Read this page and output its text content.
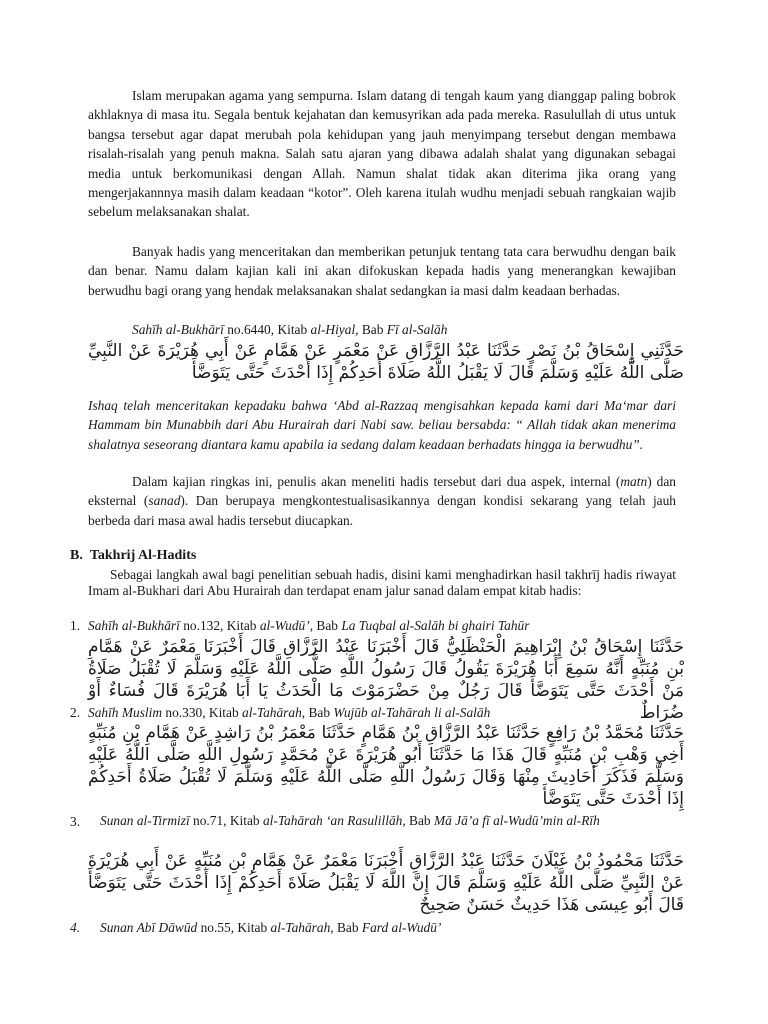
Islam merupakan agama yang sempurna. Islam datang di tengah kaum yang dianggap paling bobrok akhlaknya di masa itu. Segala bentuk kejahatan dan kemusyrikan ada pada mereka. Rasulullah di utus untuk bangsa tersebut agar dapat merubah pola kehidupan yang jauh menyimpang tersebut dengan membawa risalah-risalah yang penuh makna. Salah satu ajaran yang dibawa adalah shalat yang digunakan sebagai media untuk berkomunikasi dengan Allah. Namun shalat tidak akan diterima jika orang yang mengerjakannnya masih dalam keadaan “kotor”. Oleh karena itulah wudhu menjadi sebuah rangkaian wajib sebelum melaksanakan shalat.

Banyak hadis yang menceritakan dan memberikan petunjuk tentang tata cara berwudhu dengan baik dan benar. Namu dalam kajian kali ini akan difokuskan kepada hadis yang menerangkan kewajiban berwudhu bagi orang yang hendak melaksanakan shalat sedangkan ia masi dalm keadaan berhadas.

Sahīh al-Bukhārī no.6440, Kitab al-Hiyal, Bab Fī al-Salāh
حَدَّثَنِي إِسْحَاقُ بْنُ نَصْرٍ حَدَّثَنَا عَبْدُ الرَّزَّاقِ عَنْ مَعْمَرٍ عَنْ هَمَّامٍ عَنْ أَبِي هُرَيْرَةَ عَنْ النَّبِيِّ صَلَّى اللَّهُ عَلَيْهِ وَسَلَّمَ قَالَ لَا يَقْبَلُ اللَّهُ صَلَاةَ أَحَدِكُمْ إِذَا أَحْدَثَ حَتَّى يَتَوَضَّأَ

Ishaq telah menceritakan kepadaku bahwa ‘Abd al-Razzaq mengisahkan kepada kami dari Ma‘mar dari Hammam bin Munabbih dari Abu Hurairah dari Nabi saw. beliau bersabda: “ Allah tidak akan menerima shalatnya seseorang diantara kamu apabila ia sedang dalam keadaan berhadats hingga ia berwudhu”.

Dalam kajian ringkas ini, penulis akan meneliti hadis tersebut dari dua aspek, internal (matn) dan eksternal (sanad). Dan berupaya mengkontestualisasikannya dengan kondisi sekarang yang telah jauh berbeda dari masa awal hadis tersebut diucapkan.

B. Takhrij Al-Hadits

Sebagai langkah awal bagi penelitian sebuah hadis, disini kami menghadirkan hasil takhrīj hadis riwayat Imam al-Bukhari dari Abu Hurairah dan terdapat enam jalur sanad dalam empat kitab hadis:

1. Sahīh al-Bukhārī no.132, Kitab al-Wudū’, Bab La Tuqbal al-Salāh bi ghairi Tahūr
حَدَّثَنَا إِسْحَاقُ بْنُ إِبْرَاهِيمَ الْحَنْظَلِيُّ قَالَ أَخْبَرَنَا عَبْدُ الرَّزَّاقِ قَالَ أَخْبَرَنَا مَعْمَرٌ عَنْ هَمَّامِ بْنِ مُنَبِّهٍ أَنَّهُ سَمِعَ أَبَا هُرَيْرَةَ يَقُولُ قَالَ رَسُولُ اللَّهِ صَلَّى اللَّهُ عَلَيْهِ وَسَلَّمَ لَا تُقْبَلُ صَلَاةُ مَنْ أَحْدَثَ حَتَّى يَتَوَضَّأَ قَالَ رَجُلٌ مِنْ حَضْرَمَوْتَ مَا الْحَدَثُ يَا أَبَا هُرَيْرَةَ قَالَ فُسَاءٌ أَوْ ضُرَاطٌ
2. Sahīh Muslim no.330, Kitab al-Tahārah, Bab Wujūb al-Tahārah li al-Salāh
حَدَّثَنَا مُحَمَّدُ بْنُ رَافِعٍ حَدَّثَنَا عَبْدُ الرَّزَّاقِ بْنُ هَمَّامٍ حَدَّثَنَا مَعْمَرُ بْنُ رَاشِدٍ عَنْ هَمَّامِ بْنِ مُنَبِّهٍ أَخِي وَهْبِ بْنِ مُنَبِّهٍ قَالَ هَذَا مَا حَدَّثَنَا أَبُو هُرَيْرَةَ عَنْ مُحَمَّدٍ رَسُولِ اللَّهِ صَلَّى اللَّهُ عَلَيْهِ وَسَلَّمَ فَذَكَرَ أَحَادِيثَ مِنْهَا وَقَالَ رَسُولُ اللَّهِ صَلَّى اللَّهُ عَلَيْهِ وَسَلَّمَ لَا تُقْبَلُ صَلَاةُ أَحَدِكُمْ إِذَا أَحْدَثَ حَتَّى يَتَوَضَّأَ
3. Sunan al-Tirmizī no.71, Kitab al-Tahārah ‘an Rasulillāh, Bab Mā Jā’a fī al-Wudū’min al-Rīh
حَدَّثَنَا مَحْمُودُ بْنُ غَيْلَانَ حَدَّثَنَا عَبْدُ الرَّزَّاقِ أَخْبَرَنَا مَعْمَرٌ عَنْ هَمَّامِ بْنِ مُنَبِّهٍ عَنْ أَبِي هُرَيْرَةَ عَنْ النَّبِيِّ صَلَّى اللَّهُ عَلَيْهِ وَسَلَّمَ قَالَ إِنَّ اللَّهَ لَا يَقْبَلُ صَلَاةَ أَحَدِكُمْ إِذَا أَحْدَثَ حَتَّى يَتَوَضَّأَ قَالَ أَبُو عِيسَى هَذَا حَدِيثٌ حَسَنٌ صَحِيحٌ
4. Sunan Abī Dāwūd no.55, Kitab al-Tahārah, Bab Fard al-Wudū’
